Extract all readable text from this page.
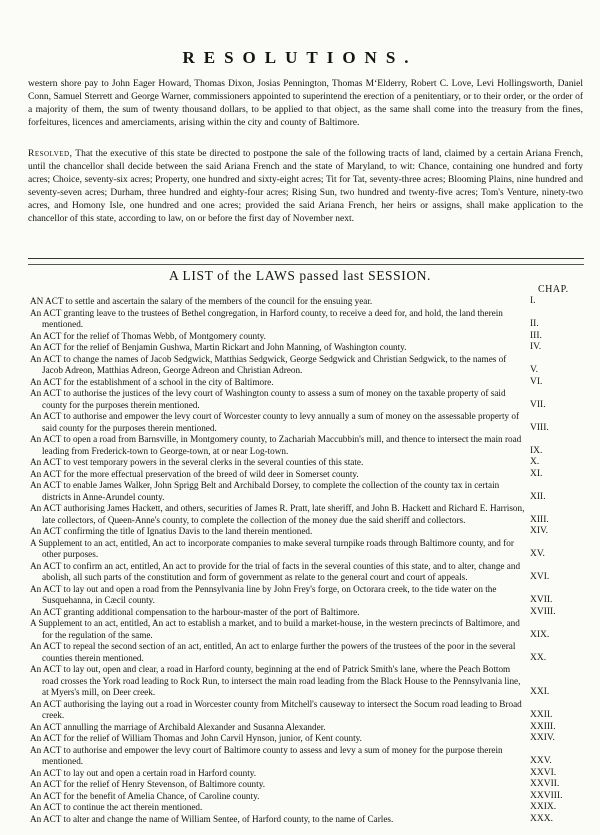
RESOLUTIONS.
western shore pay to John Eager Howard, Thomas Dixon, Josias Pennington, Thomas M‘Elderry, Robert C. Love, Levi Hollingsworth, Daniel Conn, Samuel Sterrett and George Warner, commissioners appointed to superintend the erection of a penitentiary, or to their order, or the order of a majority of them, the sum of twenty thousand dollars, to be applied to that object, as the same shall come into the treasury from the fines, forfeitures, licences and amerciaments, arising within the city and county of Baltimore.
Resolved, That the executive of this state be directed to postpone the sale of the following tracts of land, claimed by a certain Ariana French, until the chancellor shall decide between the said Ariana French and the state of Maryland, to wit: Chance, containing one hundred and forty acres; Choice, seventy-six acres; Property, one hundred and sixty-eight acres; Tit for Tat, seventy-three acres; Blooming Plains, nine hundred and seventy-seven acres; Durham, three hundred and eighty-four acres; Rising Sun, two hundred and twenty-five acres; Tom's Venture, ninety-two acres, and Homony Isle, one hundred and one acres; provided the said Ariana French, her heirs or assigns, shall make application to the chancellor of this state, according to law, on or before the first day of November next.
A LIST of the LAWS passed last SESSION.
CHAP.
AN ACT to settle and ascertain the salary of the members of the council for the ensuing year.	I.
An ACT granting leave to the trustees of Bethel congregation, in Harford county, to receive a deed for, and hold, the land therein mentioned.	II.
An ACT for the relief of Thomas Webb, of Montgomery county.	III.
An ACT for the relief of Benjamin Gushwa, Martin Rickart and John Manning, of Washington county.	IV.
An ACT to change the names of Jacob Sedgwick, Matthias Sedgwick, George Sedgwick and Christian Sedgwick, to the names of Jacob Adreon, Matthias Adreon, George Adreon and Christian Adreon.	V.
An ACT for the establishment of a school in the city of Baltimore.	VI.
An ACT to authorise the justices of the levy court of Washington county to assess a sum of money on the taxable property of said county for the purposes therein mentioned.	VII.
An ACT to authorise and empower the levy court of Worcester county to levy annually a sum of money on the assessable property of said county for the purposes therein mentioned.	VIII.
An ACT to open a road from Barnsville, in Montgomery county, to Zachariah Maccubbin's mill, and thence to intersect the main road leading from Frederick-town to George-town, at or near Log-town.	IX.
An ACT to vest temporary powers in the several clerks in the several counties of this state.	X.
An ACT for the more effectual preservation of the breed of wild deer in Somerset county.	XI.
An ACT to enable James Walker, John Sprigg Belt and Archibald Dorsey, to complete the collection of the county tax in certain districts in Anne-Arundel county.	XII.
An ACT authorising James Hackett, and others, securities of James R. Pratt, late sheriff, and John B. Hackett and Richard E. Harrison, late collectors, of Queen-Anne's county, to complete the collection of the money due the said sheriff and collectors.	XIII.
An ACT confirming the title of Ignatius Davis to the land therein mentioned.	XIV.
A Supplement to an act, entitled, An act to incorporate companies to make several turnpike roads through Baltimore county, and for other purposes.	XV.
An ACT to confirm an act, entitled, An act to provide for the trial of facts in the several counties of this state, and to alter, change and abolish, all such parts of the constitution and form of government as relate to the general court and court of appeals.	XVI.
An ACT to lay out and open a road from the Pennsylvania line by John Frey's forge, on Octorara creek, to the tide water on the Susquehanna, in Cæcil county.	XVII.
An ACT granting additional compensation to the harbour-master of the port of Baltimore.	XVIII.
A Supplement to an act, entitled, An act to establish a market, and to build a market-house, in the western precincts of Baltimore, and for the regulation of the same.	XIX.
An ACT to repeal the second section of an act, entitled, An act to enlarge further the powers of the trustees of the poor in the several counties therein mentioned.	XX.
An ACT to lay out, open and clear, a road in Harford county, beginning at the end of Patrick Smith's lane, where the Peach Bottom road crosses the York road leading to Rock Run, to intersect the main road leading from the Black House to the Pennsylvania line, at Myers's mill, on Deer creek.	XXI.
An ACT authorising the laying out a road in Worcester county from Mitchell's causeway to intersect the Socum road leading to Broad creek.	XXII.
An ACT annulling the marriage of Archibald Alexander and Susanna Alexander.	XXIII.
An ACT for the relief of William Thomas and John Carvil Hynson, junior, of Kent county.	XXIV.
An ACT to authorise and empower the levy court of Baltimore county to assess and levy a sum of money for the purpose therein mentioned.	XXV.
An ACT to lay out and open a certain road in Harford county.	XXVI.
An ACT for the relief of Henry Stevenson, of Baltimore county.	XXVII.
An ACT for the benefit of Amelia Chance, of Caroline county.	XXVIII.
An ACT to continue the act therein mentioned.	XXIX.
An ACT to alter and change the name of William Sentee, of Harford county, to the name of Carles.	XXX.
